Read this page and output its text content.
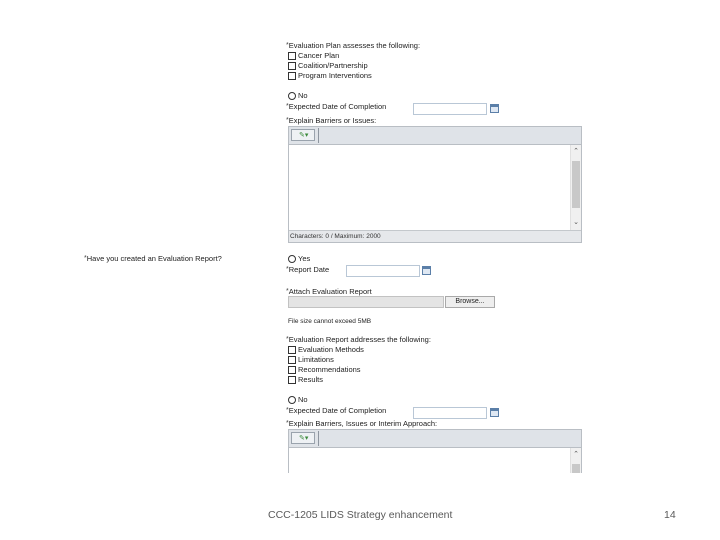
*Evaluation Plan assesses the following:
Cancer Plan
Coalition/Partnership
Program Interventions
No
*Expected Date of Completion
*Explain Barriers or Issues:
✎▾
⌃
⌄
Characters: 0 / Maximum: 2000
*Have you created an Evaluation Report?	Yes
*Report Date
*Attach Evaluation Report
Browse...
File size cannot exceed 5MB
*Evaluation Report addresses the following:
Evaluation Methods
Limitations
Recommendations
Results
No
*Expected Date of Completion
*Explain Barriers, Issues or Interim Approach:
✎▾
⌃
CCC-1205 LIDS Strategy enhancement	14
